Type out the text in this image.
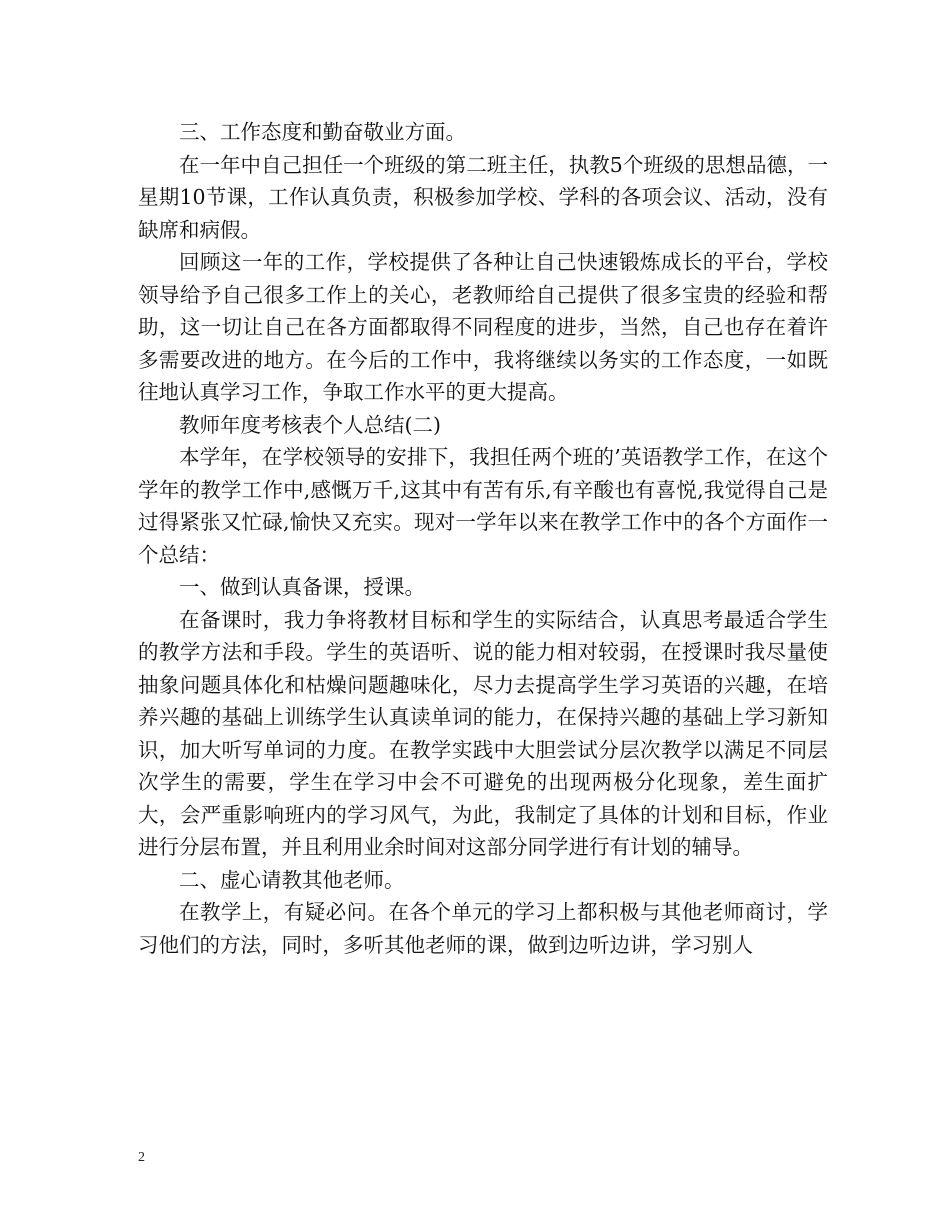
三、工作态度和勤奋敬业方面。

在一年中自己担任一个班级的第二班主任，执教5个班级的思想品德，一星期10节课，工作认真负责，积极参加学校、学科的各项会议、活动，没有缺席和病假。

回顾这一年的工作，学校提供了各种让自己快速锻炼成长的平台，学校领导给予自己很多工作上的关心，老教师给自己提供了很多宝贵的经验和帮助，这一切让自己在各方面都取得不同程度的进步，当然，自己也存在着许多需要改进的地方。在今后的工作中，我将继续以务实的工作态度，一如既往地认真学习工作，争取工作水平的更大提高。

教师年度考核表个人总结(二)

本学年，在学校领导的安排下，我担任两个班的’英语教学工作，在这个学年的教学工作中,感慨万千,这其中有苦有乐,有辛酸也有喜悦,我觉得自己是过得紧张又忙碌,愉快又充实。现对一学年以来在教学工作中的各个方面作一个总结：

一、做到认真备课，授课。

在备课时，我力争将教材目标和学生的实际结合，认真思考最适合学生的教学方法和手段。学生的英语听、说的能力相对较弱，在授课时我尽量使抽象问题具体化和枯燥问题趣味化，尽力去提高学生学习英语的兴趣，在培养兴趣的基础上训练学生认真读单词的能力，在保持兴趣的基础上学习新知识，加大听写单词的力度。在教学实践中大胆尝试分层次教学以满足不同层次学生的需要，学生在学习中会不可避免的出现两极分化现象，差生面扩大，会严重影响班内的学习风气，为此，我制定了具体的计划和目标，作业进行分层布置，并且利用业余时间对这部分同学进行有计划的辅导。

二、虚心请教其他老师。

在教学上，有疑必问。在各个单元的学习上都积极与其他老师商讨，学习他们的方法，同时，多听其他老师的课，做到边听边讲，学习别人

2
